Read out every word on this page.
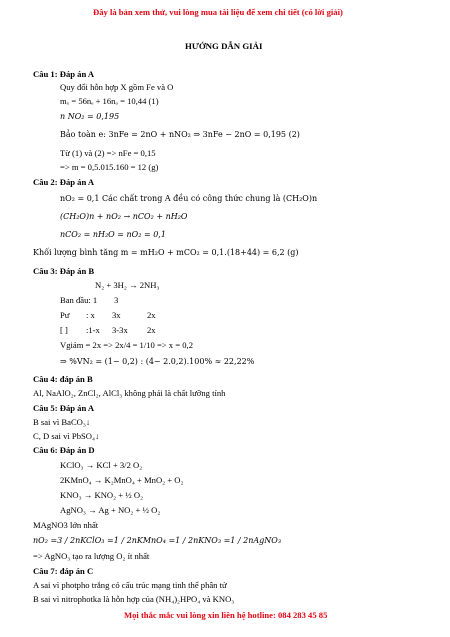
Đây là bản xem thử, vui lòng mua tài liệu để xem chi tiết (có lời giải)
HƯỚNG DẪN GIẢI
Câu 1: Đáp án A
Quy đổi hỗn hợp X gồm Fe và O
mₓ = 56nₑ + 16nₒ = 10,44 (1)
n NO₂ = 0,195
Bảo toàn e: 3nFe = 2nO + nNO₂ ⇒ 3nFe − 2nO = 0,195 (2)
Từ (1) và (2) => nFe = 0,15
=> m = 0,5.015.160 = 12 (g)
Câu 2: Đáp án A
nO₂ = 0,1 Các chất trong A đều có công thức chung là (CH₂O)n
(CH₂O)n + nO₂ → nCO₂ + nH₂O
nCO₂ = nH₂O = nO₂ = 0,1
Khối lượng bình tăng m = mH₂O + mCO₂ = 0,1.(18+44) = 6,2 (g)
Câu 3: Đáp án B
N₂ + 3H₂ → 2NH₃
Ban đầu: 1 3
Pư : x 3x	2x
[ ] :1-x 3-3x 2x
Vgiảm = 2x => 2x/4 = 1/10 => x = 0,2
⇒ %VN₂ = (1− 0,2) : (4− 2.0,2).100% ≈ 22,22%
Câu 4: đáp án B
Al, NaAlO₂, ZnCl₂, AlCl₃ không phải là chất lưỡng tính
Câu 5: Đáp án A
B sai vì BaCO₃↓
C, D sai vì PbSO₄↓
Câu 6: Đáp án D
KClO₃ → KCl + 3/2 O₂
2KMnO₄ → K₂MnO₄ + MnO₂ + O₂
KNO₃ → KNO₂ + ½ O₂
AgNO₃ → Ag + NO₂ + ½ O₂
MAgNO3 lớn nhất
nO₂ =3 / 2nKClO₃ =1 / 2nKMnO₄ =1 / 2nKNO₃ =1 / 2nAgNO₃
=> AgNO₃ tạo ra lượng O₂ ít nhất
Câu 7: đáp án C
A sai vì photpho trắng có cấu trúc mạng tinh thể phân tử
B sai vì nitrophotka là hỗn hợp của (NH₄)₂HPO₄ và KNO₃
Mọi thắc mắc vui lòng xin liên hệ hotline: 084 283 45 85
